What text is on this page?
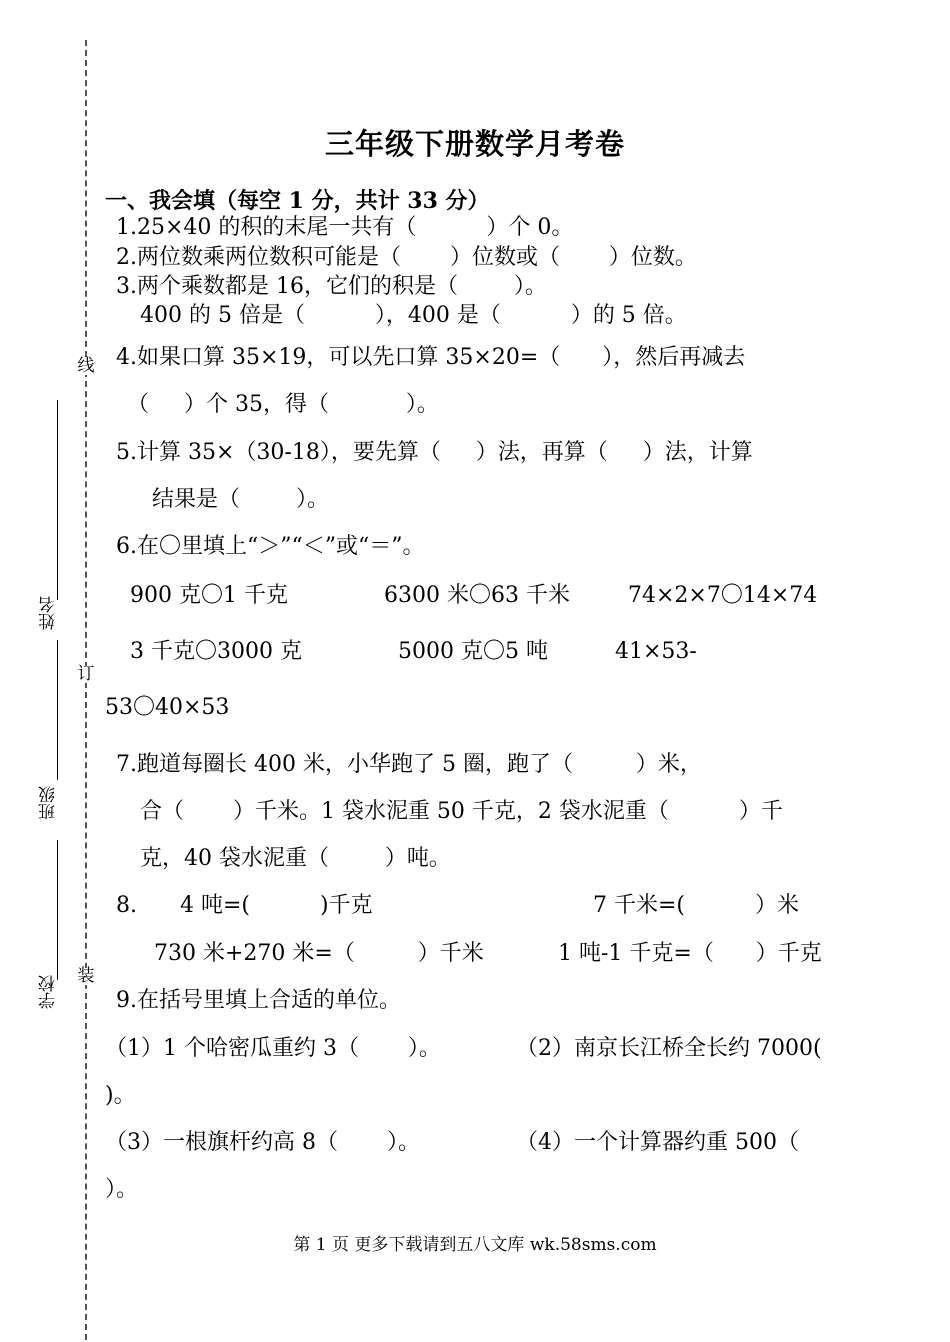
线
订
装
姓名
班级
学校
三年级下册数学月考卷
一、我会填（每空 1 分，共计 33 分）
1.25×40 的积的末尾一共有（          ）个 0。
2.两位数乘两位数积可能是（       ）位数或（       ）位数。
3.两个乘数都是 16，它们的积是（        ）。
400 的 5 倍是（          ），400 是（          ）的 5 倍。
4.如果口算 35×19，可以先口算 35×20=（      ），然后再减去
（     ）个 35，得（           ）。
5.计算 35×（30-18），要先算（     ）法，再算（     ）法，计算
结果是（        ）。
6.在〇里填上“＞”“＜”或“＝”。
900 克〇1 千克	6300 米〇63 千米	74×2×7〇14×74
3 千克〇3000 克	5000 克〇5 吨	41×53-
53〇40×53
7.跑道每圈长 400 米，小华跑了 5 圈，跑了（         ）米，
合（       ）千米。1 袋水泥重 50 千克，2 袋水泥重（          ）千
克，40 袋水泥重（        ）吨。
8. 4 吨=(          )千克	7 千米=(          ）米
730 米+270 米=（         ）千米	1 吨-1 千克=（      ）千克
9.在括号里填上合适的单位。
（1）1 个哈密瓜重约 3（       ）。	（2）南京长江桥全长约 7000(
)。
（3）一根旗杆约高 8（       ）。	（4）一个计算器约重 500（
）。
第 1 页 更多下载请到五八文库 wk.58sms.com
